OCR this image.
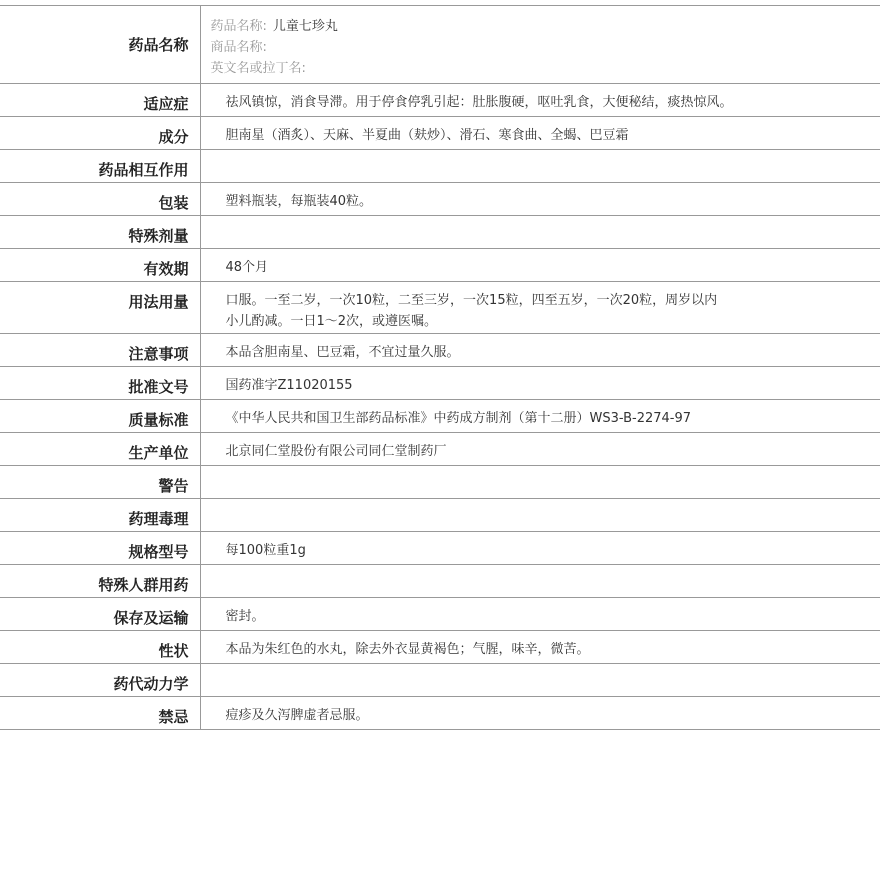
药品名称	药品名称: 儿童七珍丸
商品名称:
英文名或拉丁名:

适应症	祛风镇惊，消食导滞。用于停食停乳引起：肚胀腹硬，呕吐乳食，大便秘结，痰热惊风。
成分	胆南星（酒炙）、天麻、半夏曲（麸炒）、滑石、寒食曲、全蝎、巴豆霜
药品相互作用	
包装	塑料瓶装，每瓶装40粒。
特殊剂量	
有效期	48个月
用法用量	口服。一至二岁，一次10粒，二至三岁，一次15粒，四至五岁，一次20粒，周岁以内
小儿酌减。一日1～2次，或遵医嘱。
注意事项	本品含胆南星、巴豆霜，不宜过量久服。
批准文号	国药准字Z11020155
质量标准	《中华人民共和国卫生部药品标准》中药成方制剂（第十二册）WS3-B-2274-97
生产单位	北京同仁堂股份有限公司同仁堂制药厂
警告	
药理毒理	
规格型号	每100粒重1g
特殊人群用药	
保存及运输	密封。
性状	本品为朱红色的水丸，除去外衣显黄褐色；气腥，味辛，微苦。
药代动力学	
禁忌	痘疹及久泻脾虚者忌服。
